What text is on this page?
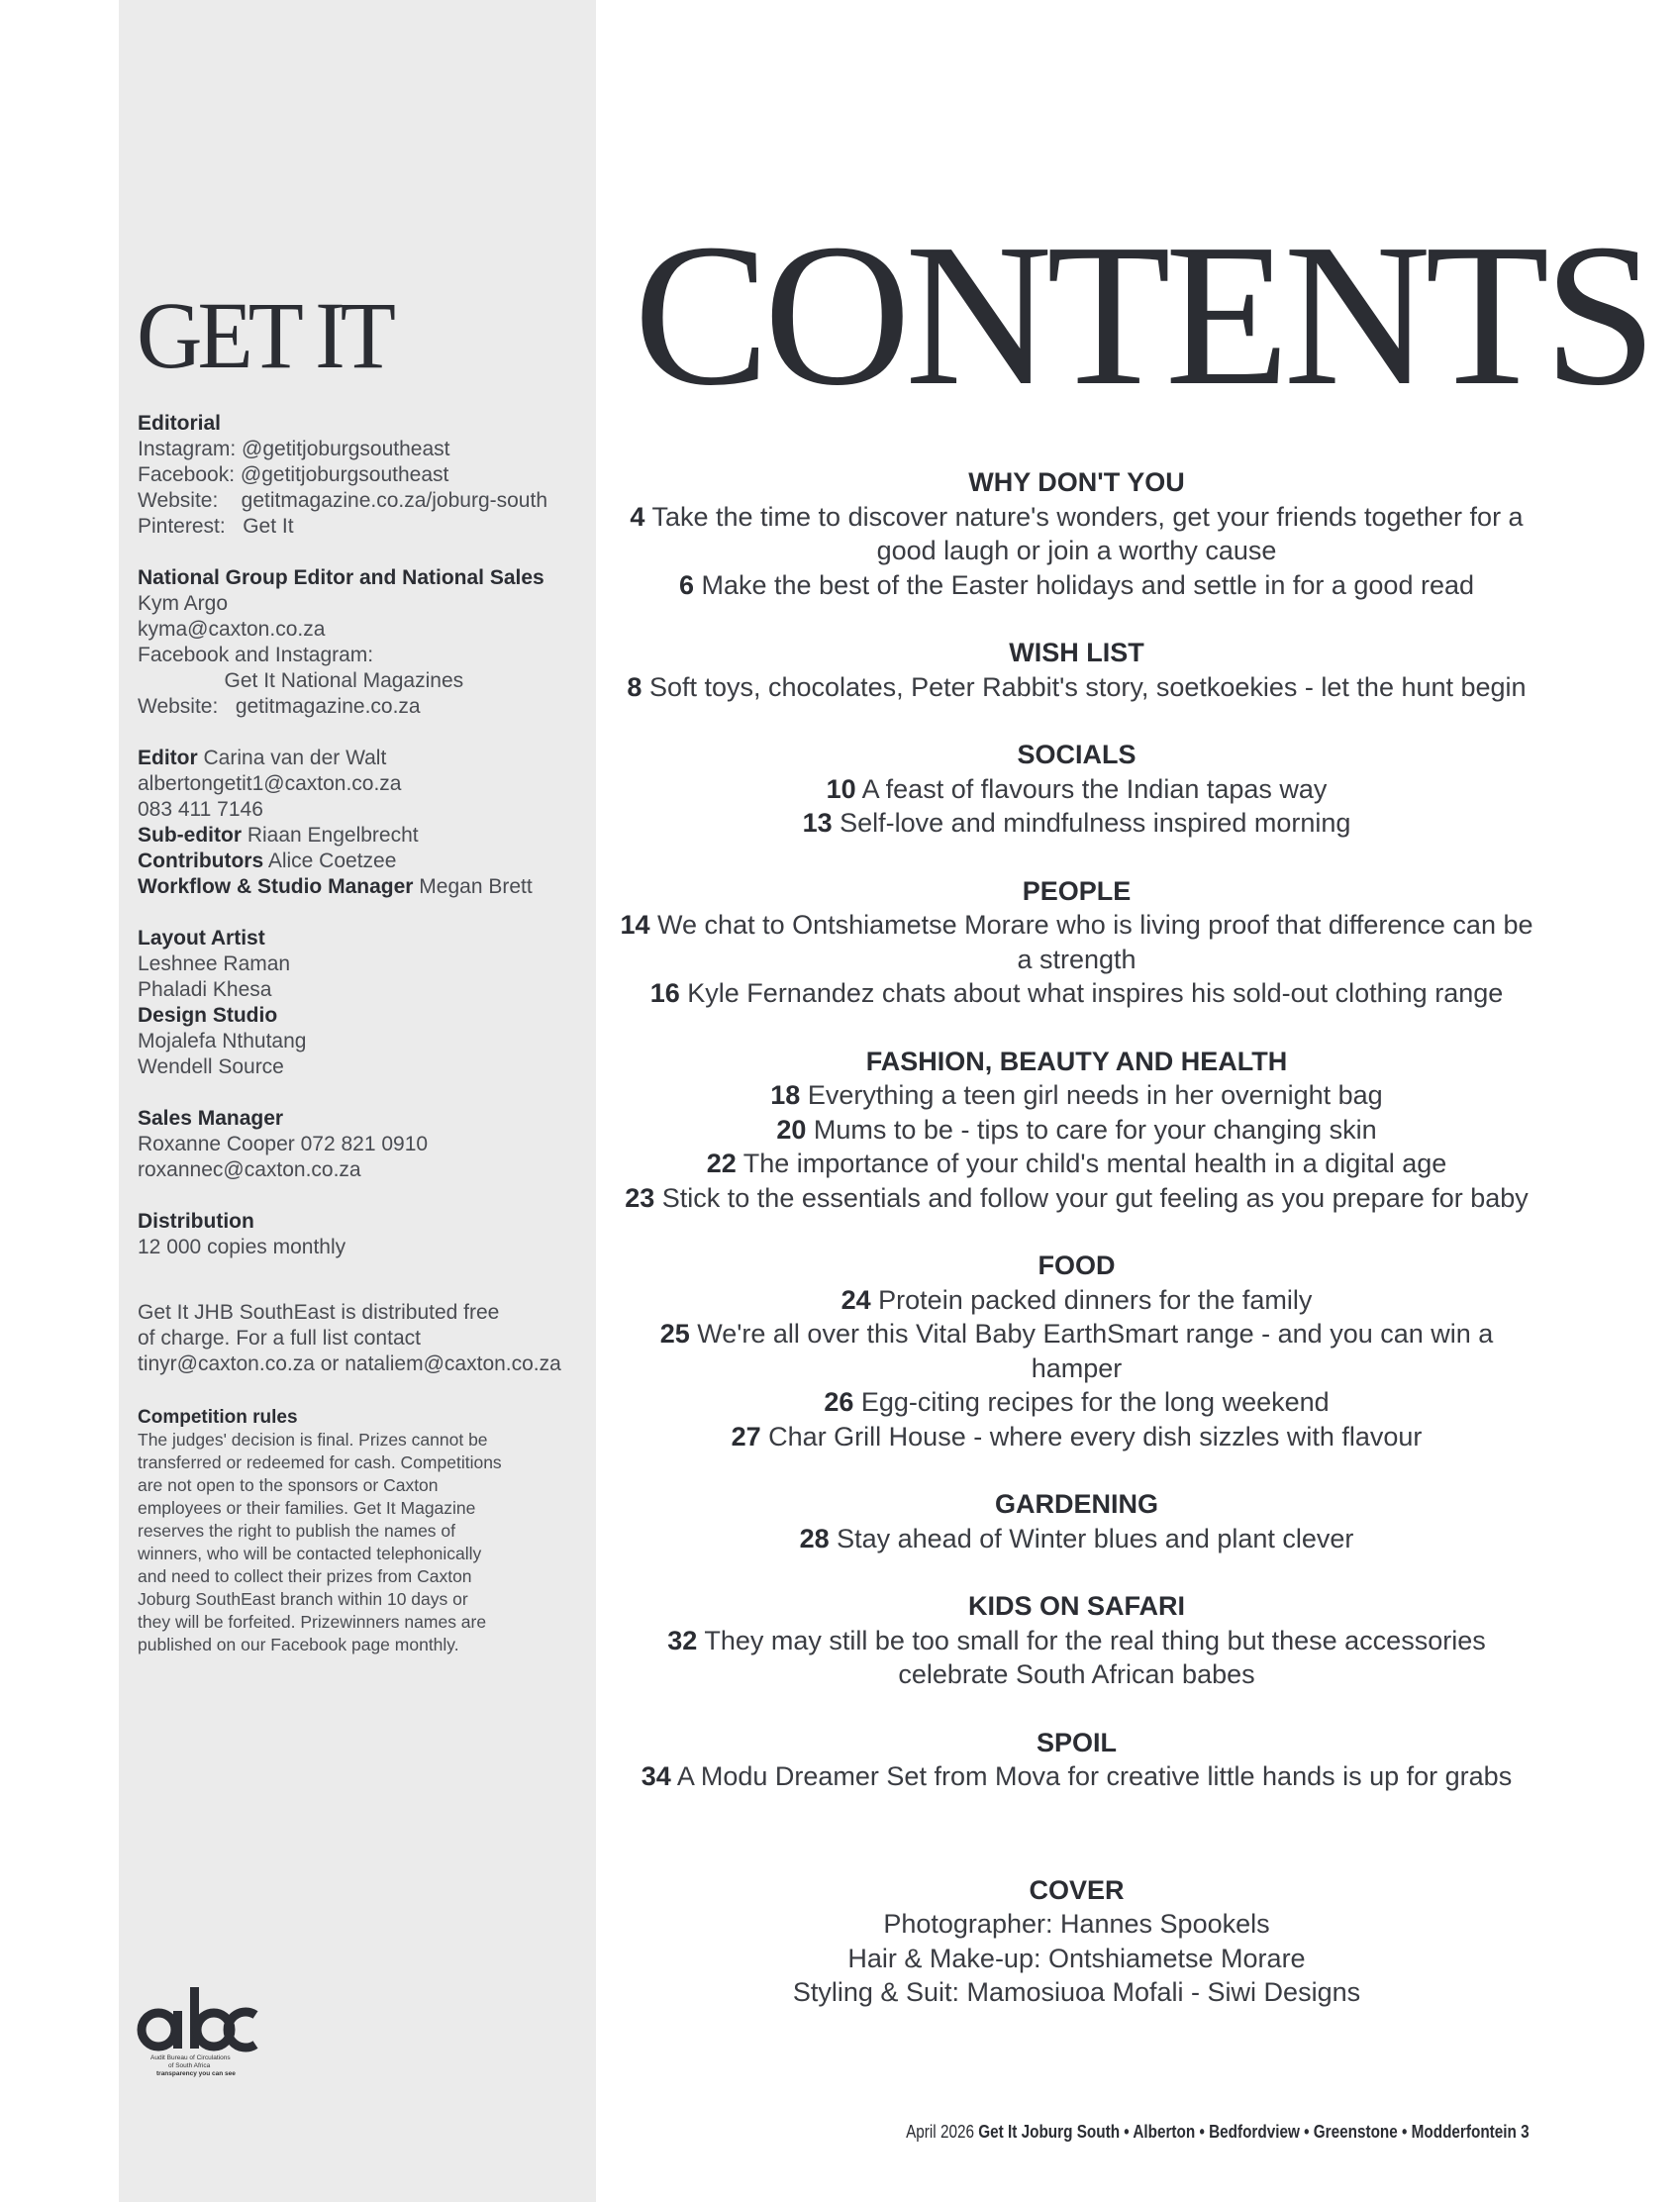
GET IT
Editorial
Instagram: @getitjoburgsoutheast
Facebook: @getitjoburgsoutheast
Website:    getitmagazine.co.za/joburg-south
Pinterest:   Get It
National Group Editor and National Sales
Kym Argo
kyma@caxton.co.za
Facebook and Instagram:
Get It National Magazines
Website:   getitmagazine.co.za
Editor Carina van der Walt
albertongetit1@caxton.co.za
083 411 7146
Sub-editor Riaan Engelbrecht
Contributors Alice Coetzee
Workflow & Studio Manager Megan Brett
Layout Artist
Leshnee Raman
Phaladi Khesa
Design Studio
Mojalefa Nthutang
Wendell Source
Sales Manager
Roxanne Cooper 072 821 0910
roxannec@caxton.co.za
Distribution
12 000 copies monthly
Get It JHB SouthEast is distributed free
of charge. For a full list contact
tinyr@caxton.co.za or nataliem@caxton.co.za
Competition rules
The judges' decision is final. Prizes cannot be
transferred or redeemed for cash. Competitions
are not open to the sponsors or Caxton
employees or their families. Get It Magazine
reserves the right to publish the names of
winners, who will be contacted telephonically
and need to collect their prizes from Caxton
Joburg SouthEast branch within 10 days or
they will be forfeited. Prizewinners names are
published on our Facebook page monthly.
Audit Bureau of Circulations
of South Africa
transparency you can see
CONTENTS
WHY DON'T YOU
4 Take the time to discover nature's wonders, get your friends together for a good laugh or join a worthy cause
6 Make the best of the Easter holidays and settle in for a good read
WISH LIST
8 Soft toys, chocolates, Peter Rabbit's story, soetkoekies - let the hunt begin
SOCIALS
10 A feast of flavours the Indian tapas way
13 Self-love and mindfulness inspired morning
PEOPLE
14 We chat to Ontshiametse Morare who is living proof that difference can be a strength
16 Kyle Fernandez chats about what inspires his sold-out clothing range
FASHION, BEAUTY AND HEALTH
18 Everything a teen girl needs in her overnight bag
20 Mums to be - tips to care for your changing skin
22 The importance of your child's mental health in a digital age
23 Stick to the essentials and follow your gut feeling as you prepare for baby
FOOD
24 Protein packed dinners for the family
25 We're all over this Vital Baby EarthSmart range - and you can win a hamper
26 Egg-citing recipes for the long weekend
27 Char Grill House - where every dish sizzles with flavour
GARDENING
28 Stay ahead of Winter blues and plant clever
KIDS ON SAFARI
32 They may still be too small for the real thing but these accessories celebrate South African babes
SPOIL
34 A Modu Dreamer Set from Mova for creative little hands is up for grabs
COVER
Photographer: Hannes Spookels
Hair & Make-up: Ontshiametse Morare
Styling & Suit: Mamosiuoa Mofali - Siwi Designs
April 2026 Get It Joburg South • Alberton • Bedfordview • Greenstone • Modderfontein 3
